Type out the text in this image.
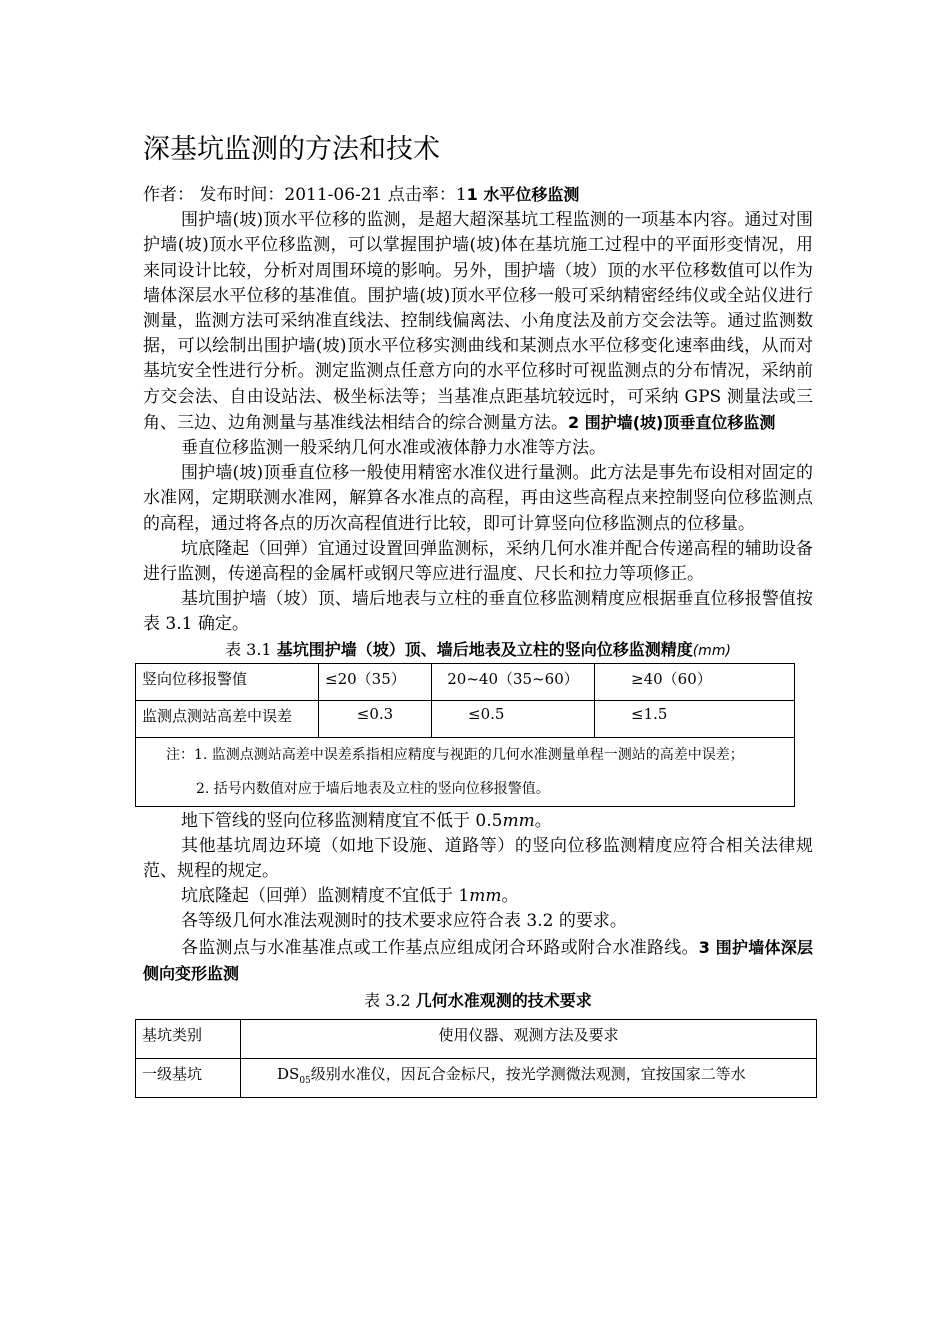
深基坑监测的方法和技术

作者： 发布时间：2011-06-21 点击率：11 水平位移监测

围护墙(坡)顶水平位移的监测，是超大超深基坑工程监测的一项基本内容。通过对围护墙(坡)顶水平位移监测，可以掌握围护墙(坡)体在基坑施工过程中的平面形变情况，用来同设计比较，分析对周围环境的影响。另外，围护墙（坡）顶的水平位移数值可以作为墙体深层水平位移的基准值。围护墙(坡)顶水平位移一般可采纳精密经纬仪或全站仪进行测量，监测方法可采纳准直线法、控制线偏离法、小角度法及前方交会法等。通过监测数据，可以绘制出围护墙(坡)顶水平位移实测曲线和某测点水平位移变化速率曲线，从而对基坑安全性进行分析。测定监测点任意方向的水平位移时可视监测点的分布情况，采纳前方交会法、自由设站法、极坐标法等；当基准点距基坑较远时，可采纳 GPS 测量法或三角、三边、边角测量与基准线法相结合的综合测量方法。2 围护墙(坡)顶垂直位移监测

垂直位移监测一般采纳几何水准或液体静力水准等方法。

围护墙(坡)顶垂直位移一般使用精密水准仪进行量测。此方法是事先布设相对固定的水准网，定期联测水准网，解算各水准点的高程，再由这些高程点来控制竖向位移监测点的高程，通过将各点的历次高程值进行比较，即可计算竖向位移监测点的位移量。

坑底隆起（回弹）宜通过设置回弹监测标，采纳几何水准并配合传递高程的辅助设备进行监测，传递高程的金属杆或钢尺等应进行温度、尺长和拉力等项修正。

基坑围护墙（坡）顶、墙后地表与立柱的垂直位移监测精度应根据垂直位移报警值按表 3.1 确定。

表 3.1 基坑围护墙（坡）顶、墙后地表及立柱的竖向位移监测精度(mm)

竖向位移报警值	≤20（35）	20~40（35~60）	≥40（60）
监测点测站高差中误差	≤0.3	≤0.5	≤1.5

注：1. 监测点测站高差中误差系指相应精度与视距的几何水准测量单程一测站的高差中误差；
2. 括号内数值对应于墙后地表及立柱的竖向位移报警值。			

地下管线的竖向位移监测精度宜不低于 0.5mm。

其他基坑周边环境（如地下设施、道路等）的竖向位移监测精度应符合相关法律规范、规程的规定。

坑底隆起（回弹）监测精度不宜低于 1mm。

各等级几何水准法观测时的技术要求应符合表 3.2 的要求。

各监测点与水准基准点或工作基点应组成闭合环路或附合水准路线。3 围护墙体深层侧向变形监测

表 3.2 几何水准观测的技术要求

基坑类别	使用仪器、观测方法及要求
一级基坑	$DS_{05}$级别水准仪，因瓦合金标尺，按光学测微法观测，宜按国家二等水
